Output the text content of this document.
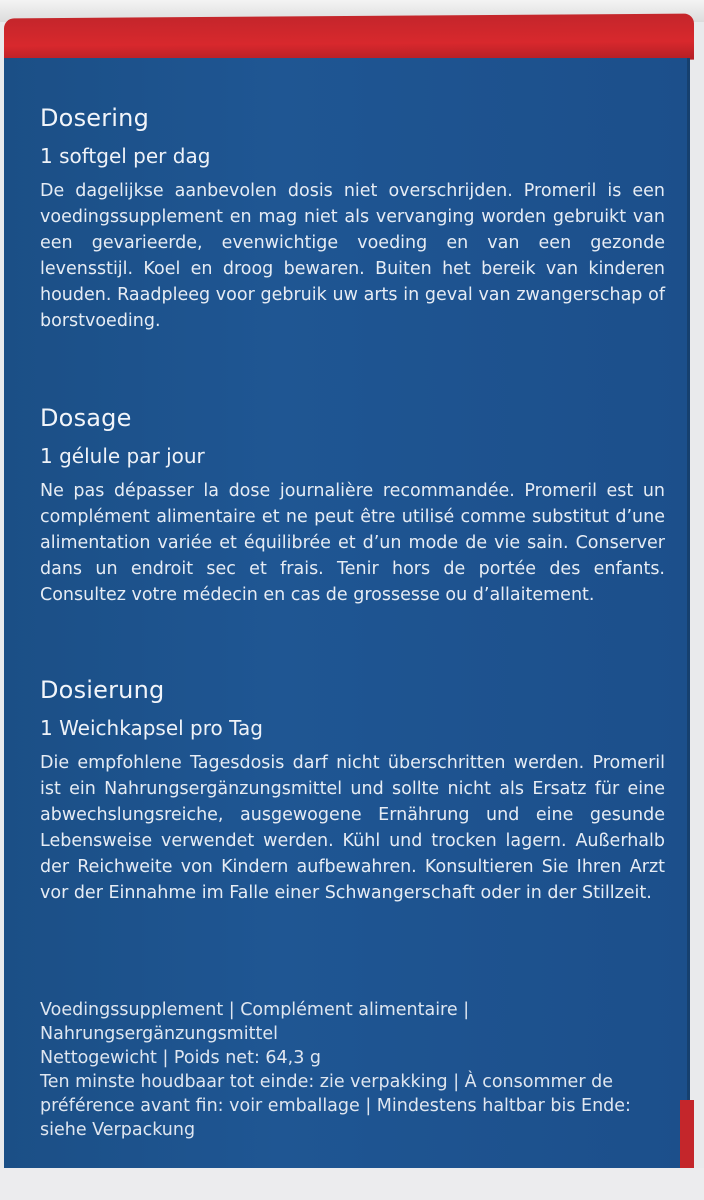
Dosering
1 softgel per dag
De dagelijkse aanbevolen dosis niet overschrijden. Promeril is een voedingssupplement en mag niet als vervanging worden gebruikt van een gevarieerde, evenwichtige voeding en van een gezonde levensstijl. Koel en droog bewaren. Buiten het bereik van kinderen houden. Raadpleeg voor gebruik uw arts in geval van zwangerschap of borstvoeding.
Dosage
1 gélule par jour
Ne pas dépasser la dose journalière recommandée. Promeril est un complément alimentaire et ne peut être utilisé comme substitut d’une alimentation variée et équilibrée et d’un mode de vie sain. Conserver dans un endroit sec et frais. Tenir hors de portée des enfants. Consultez votre médecin en cas de grossesse ou d’allaitement.
Dosierung
1 Weichkapsel pro Tag
Die empfohlene Tagesdosis darf nicht überschritten werden. Promeril ist ein Nahrungsergänzungsmittel und sollte nicht als Ersatz für eine abwechslungsreiche, ausgewogene Ernährung und eine gesunde Lebensweise verwendet werden. Kühl und trocken lagern. Außerhalb der Reichweite von Kindern aufbewahren. Konsultieren Sie Ihren Arzt vor der Einnahme im Falle einer Schwangerschaft oder in der Stillzeit.
Voedingssupplement | Complément alimentaire | Nahrungsergänzungsmittel
Nettogewicht | Poids net: 64,3 g
Ten minste houdbaar tot einde: zie verpakking | À consommer de préférence avant fin: voir emballage | Mindestens haltbar bis Ende: siehe Verpackung
